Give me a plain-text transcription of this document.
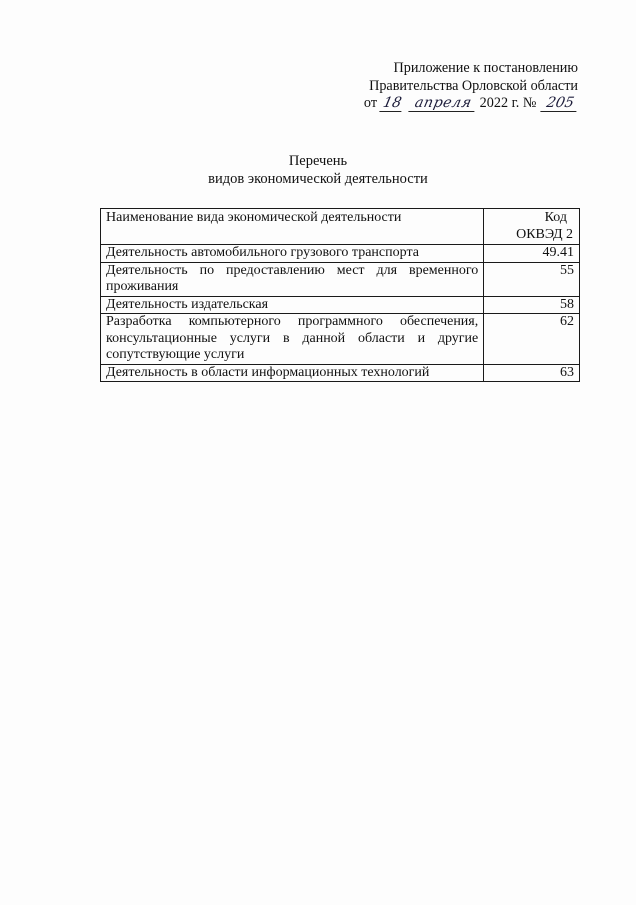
Приложение к постановлению
Правительства Орловской области
от 18 апреля 2022 г. № 205
Перечень
видов экономической деятельности
Наименование вида экономической деятельности	Код
ОКВЭД 2

Деятельность автомобильного грузового транспорта	49.41
Деятельность по предоставлению мест для временного проживания	55
Деятельность издательская	58
Разработка компьютерного программного обеспечения, консультационные услуги в данной области и другие сопутствующие услуги	62
Деятельность в области информационных технологий	63
